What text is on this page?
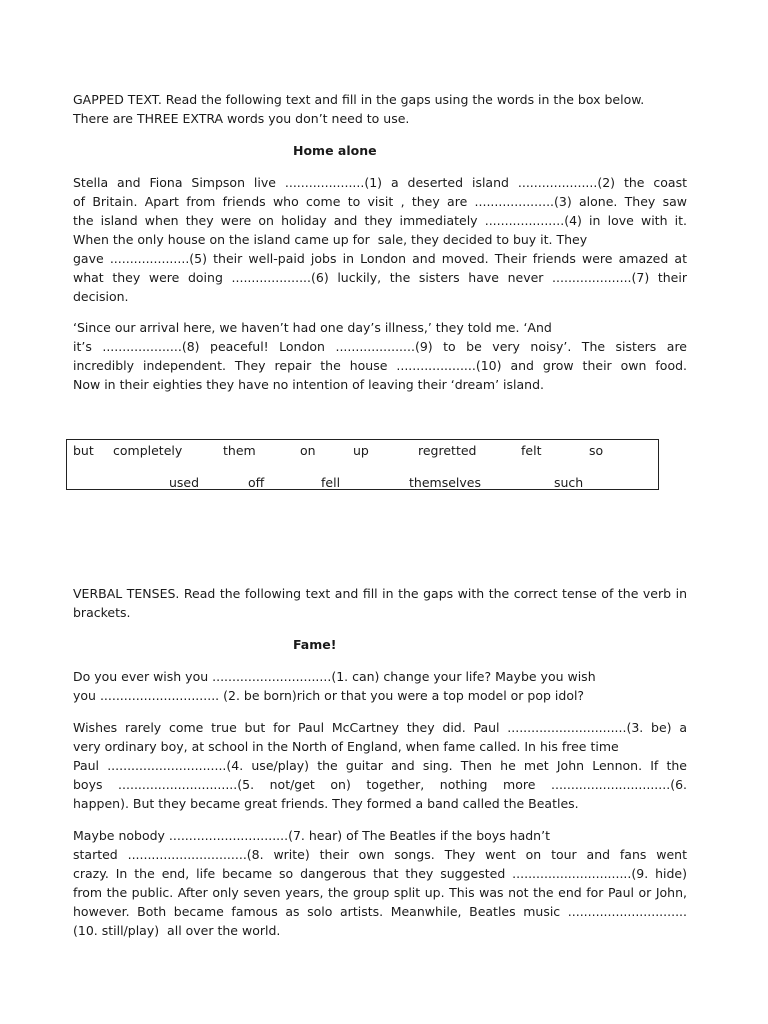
GAPPED TEXT. Read the following text and fill in the gaps using the words in the box below.
There are THREE EXTRA words you don’t need to use.
Home alone
Stella and Fiona Simpson live ....................(1) a deserted island ....................(2) the coast
of Britain. Apart from friends who come to visit , they are ....................(3) alone. They saw
the island when they were on holiday and they immediately ....................(4) in love with it.
When the only house on the island came up for  sale, they decided to buy it. They
gave ....................(5) their well-paid jobs in London and moved. Their friends were amazed at
what they were doing ....................(6) luckily, the sisters have never ....................(7) their
decision.
‘Since our arrival here, we haven’t had one day’s illness,’ they told me. ‘And
it’s ....................(8) peaceful! London ....................(9) to be very noisy’. The sisters are
incredibly independent. They repair the house ....................(10) and grow their own food.
Now in their eighties they have no intention of leaving their ‘dream’ island.
but completely	them	on	up	regretted	felt	so
used	off	fell	themselves	such
VERBAL TENSES. Read the following text and fill in the gaps with the correct tense of the verb in
brackets.
Fame!
Do you ever wish you ..............................(1. can) change your life? Maybe you wish
you .............................. (2. be born)rich or that you were a top model or pop idol?
Wishes rarely come true but for Paul McCartney they did. Paul ..............................(3. be) a
very ordinary boy, at school in the North of England, when fame called. In his free time
Paul ..............................(4. use/play) the guitar and sing. Then he met John Lennon. If the
boys ..............................(5. not/get on) together, nothing more ..............................(6.
happen). But they became great friends. They formed a band called the Beatles.
Maybe nobody ..............................(7. hear) of The Beatles if the boys hadn’t
started ..............................(8. write) their own songs. They went on tour and fans went
crazy. In the end, life became so dangerous that they suggested ..............................(9. hide)
from the public. After only seven years, the group split up. This was not the end for Paul or John,
however. Both became famous as solo artists. Meanwhile, Beatles music ..............................
(10. still/play)  all over the world.
